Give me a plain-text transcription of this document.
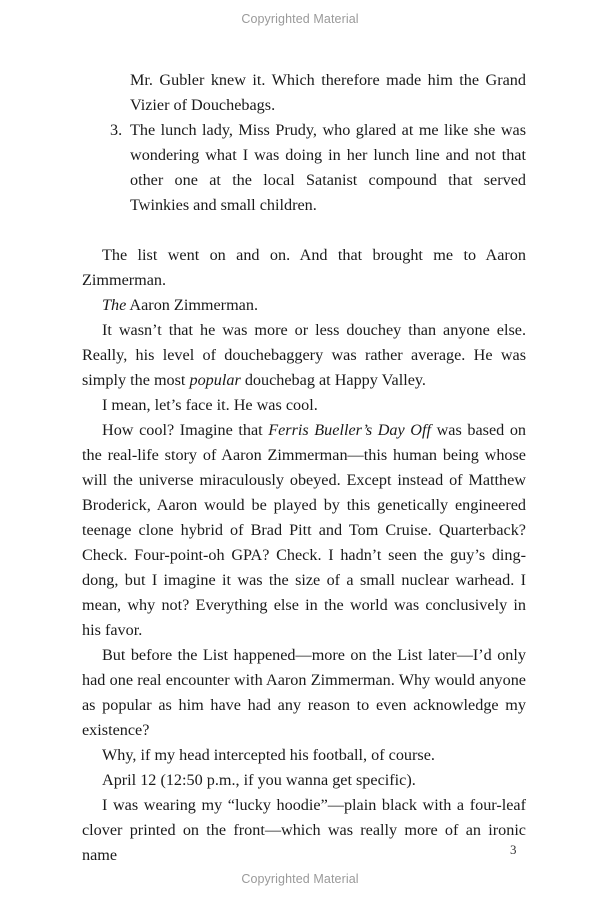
Copyrighted Material

Mr. Gubler knew it. Which therefore made him the Grand Vizier of Douchebags.

3. The lunch lady, Miss Prudy, who glared at me like she was wondering what I was doing in her lunch line and not that other one at the local Satanist compound that served Twinkies and small children.

The list went on and on. And that brought me to Aaron Zimmerman.

The Aaron Zimmerman.

It wasn’t that he was more or less douchey than anyone else. Really, his level of douchebaggery was rather average. He was simply the most popular douchebag at Happy Valley.

I mean, let’s face it. He was cool.

How cool? Imagine that Ferris Bueller’s Day Off was based on the real-life story of Aaron Zimmerman—this human being whose will the universe miraculously obeyed. Except instead of Matthew Broderick, Aaron would be played by this genetically engineered teenage clone hybrid of Brad Pitt and Tom Cruise. Quarterback? Check. Four-point-oh GPA? Check. I hadn’t seen the guy’s ding-dong, but I imagine it was the size of a small nuclear warhead. I mean, why not? Everything else in the world was conclusively in his favor.

But before the List happened—more on the List later—I’d only had one real encounter with Aaron Zimmerman. Why would anyone as popular as him have had any reason to even acknowledge my existence?

Why, if my head intercepted his football, of course.

April 12 (12:50 p.m., if you wanna get specific).

I was wearing my “lucky hoodie”—plain black with a four-leaf clover printed on the front—which was really more of an ironic name	3
Copyrighted Material
